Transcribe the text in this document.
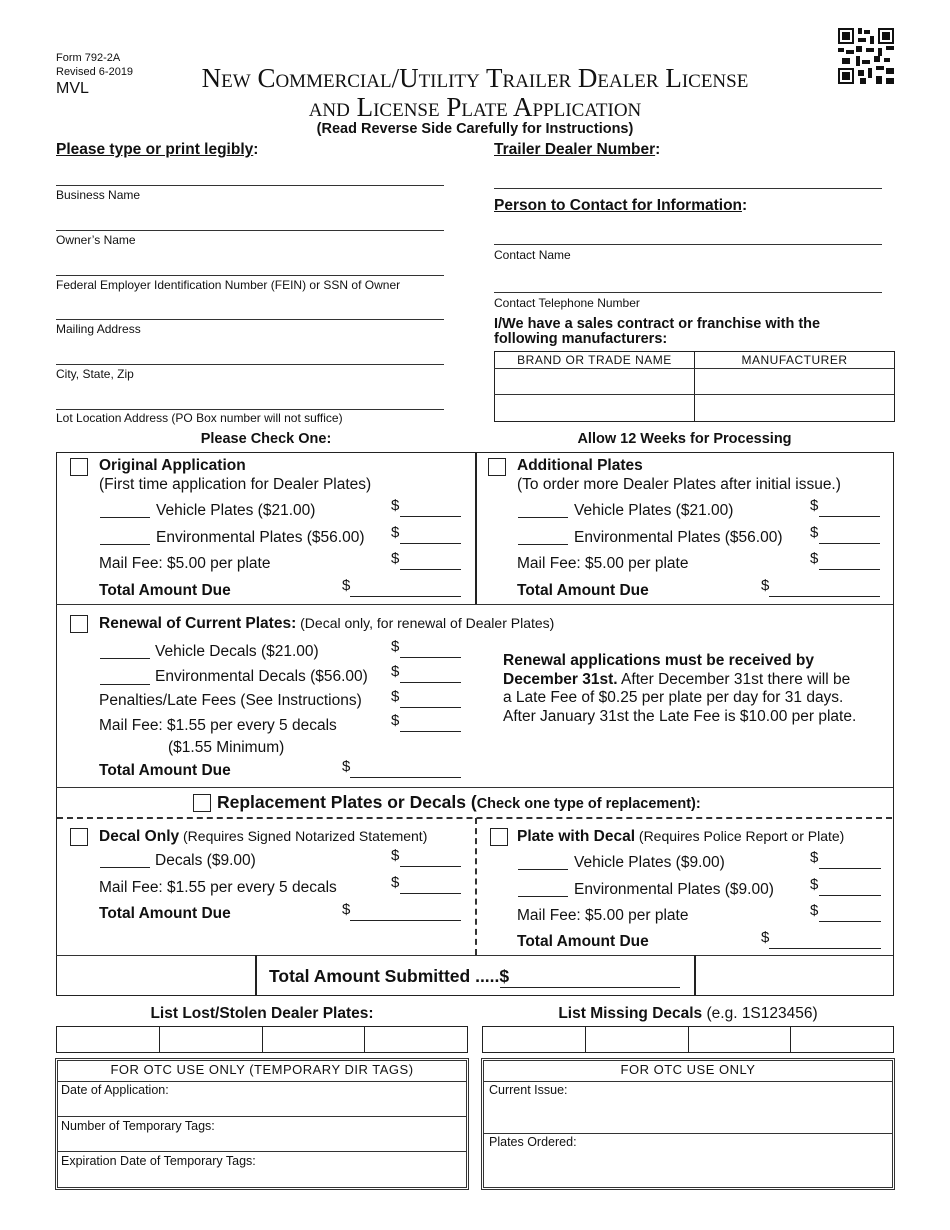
Form 792-2A
Revised 6-2019
MVL	New Commercial/Utility Trailer Dealer License
and License Plate Application
(Read Reverse Side Carefully for Instructions)
Please type or print legibly:
Business Name
Owner’s Name
Federal Employer Identification Number (FEIN) or SSN of Owner
Mailing Address
City, State, Zip
Lot Location Address (PO Box number will not suffice)
Trailer Dealer Number:
Person to Contact for Information:
Contact Name
Contact Telephone Number
I/We have a sales contract or franchise with the
following manufacturers:
BRAND OR TRADE NAME	MANUFACTURER
Please Check One:	Allow 12 Weeks for Processing
Original Application
(First time application for Dealer Plates)
Vehicle Plates ($21.00)	$
Environmental Plates ($56.00) $
Mail Fee: $5.00 per plate	$
Total Amount Due	$
Additional Plates
(To order more Dealer Plates after initial issue.)
Vehicle Plates ($21.00)	$
Environmental Plates ($56.00) $
Mail Fee: $5.00 per plate	$
Total Amount Due	$
Renewal of Current Plates: (Decal only, for renewal of Dealer Plates)
Vehicle Decals ($21.00)	$
Environmental Decals ($56.00) $
Penalties/Late Fees (See Instructions) $
Mail Fee: $1.55 per every 5 decals	$
($1.55 Minimum)
Total Amount Due	$
Renewal applications must be received by
December 31st. After December 31st there will be
a Late Fee of $0.25 per plate per day for 31 days.
After January 31st the Late Fee is $10.00 per plate.
Replacement Plates or Decals (Check one type of replacement):
Decal Only (Requires Signed Notarized Statement)
Decals ($9.00)	$
Mail Fee: $1.55 per every 5 decals	$
Total Amount Due	$
Plate with Decal (Requires Police Report or Plate)
Vehicle Plates ($9.00)	$
Environmental Plates ($9.00) $
Mail Fee: $5.00 per plate	$
Total Amount Due	$
Total Amount Submitted .....$
List Lost/Stolen Dealer Plates:	List Missing Decals (e.g. 1S123456)
FOR OTC USE ONLY (TEMPORARY DIR TAGS)
Date of Application:
Number of Temporary Tags:
Expiration Date of Temporary Tags:
FOR OTC USE ONLY
Current Issue:
Plates Ordered:
